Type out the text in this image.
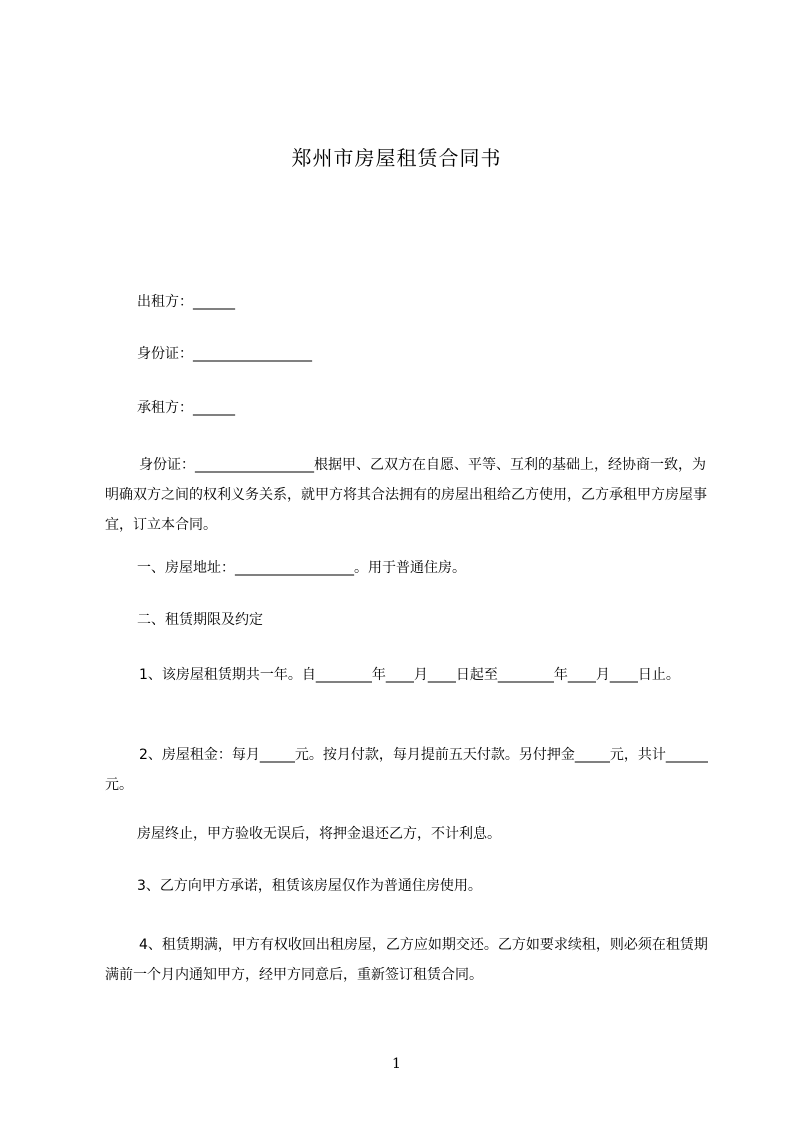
郑州市房屋租赁合同书
出租方：______
身份证：_________________
承租方：______
身份证：_________________根据甲、乙双方在自愿、平等、互利的基础上，经协商一致，为明确双方之间的权利义务关系，就甲方将其合法拥有的房屋出租给乙方使用，乙方承租甲方房屋事宜，订立本合同。
一、房屋地址：_________________。用于普通住房。
二、租赁期限及约定
1、该房屋租赁期共一年。自________年____月____日起至________年____月____日止。
2、房屋租金：每月_____元。按月付款，每月提前五天付款。另付押金_____元，共计______元。
房屋终止，甲方验收无误后，将押金退还乙方，不计利息。
3、乙方向甲方承诺，租赁该房屋仅作为普通住房使用。
4、租赁期满，甲方有权收回出租房屋，乙方应如期交还。乙方如要求续租，则必须在租赁期满前一个月内通知甲方，经甲方同意后，重新签订租赁合同。
1
